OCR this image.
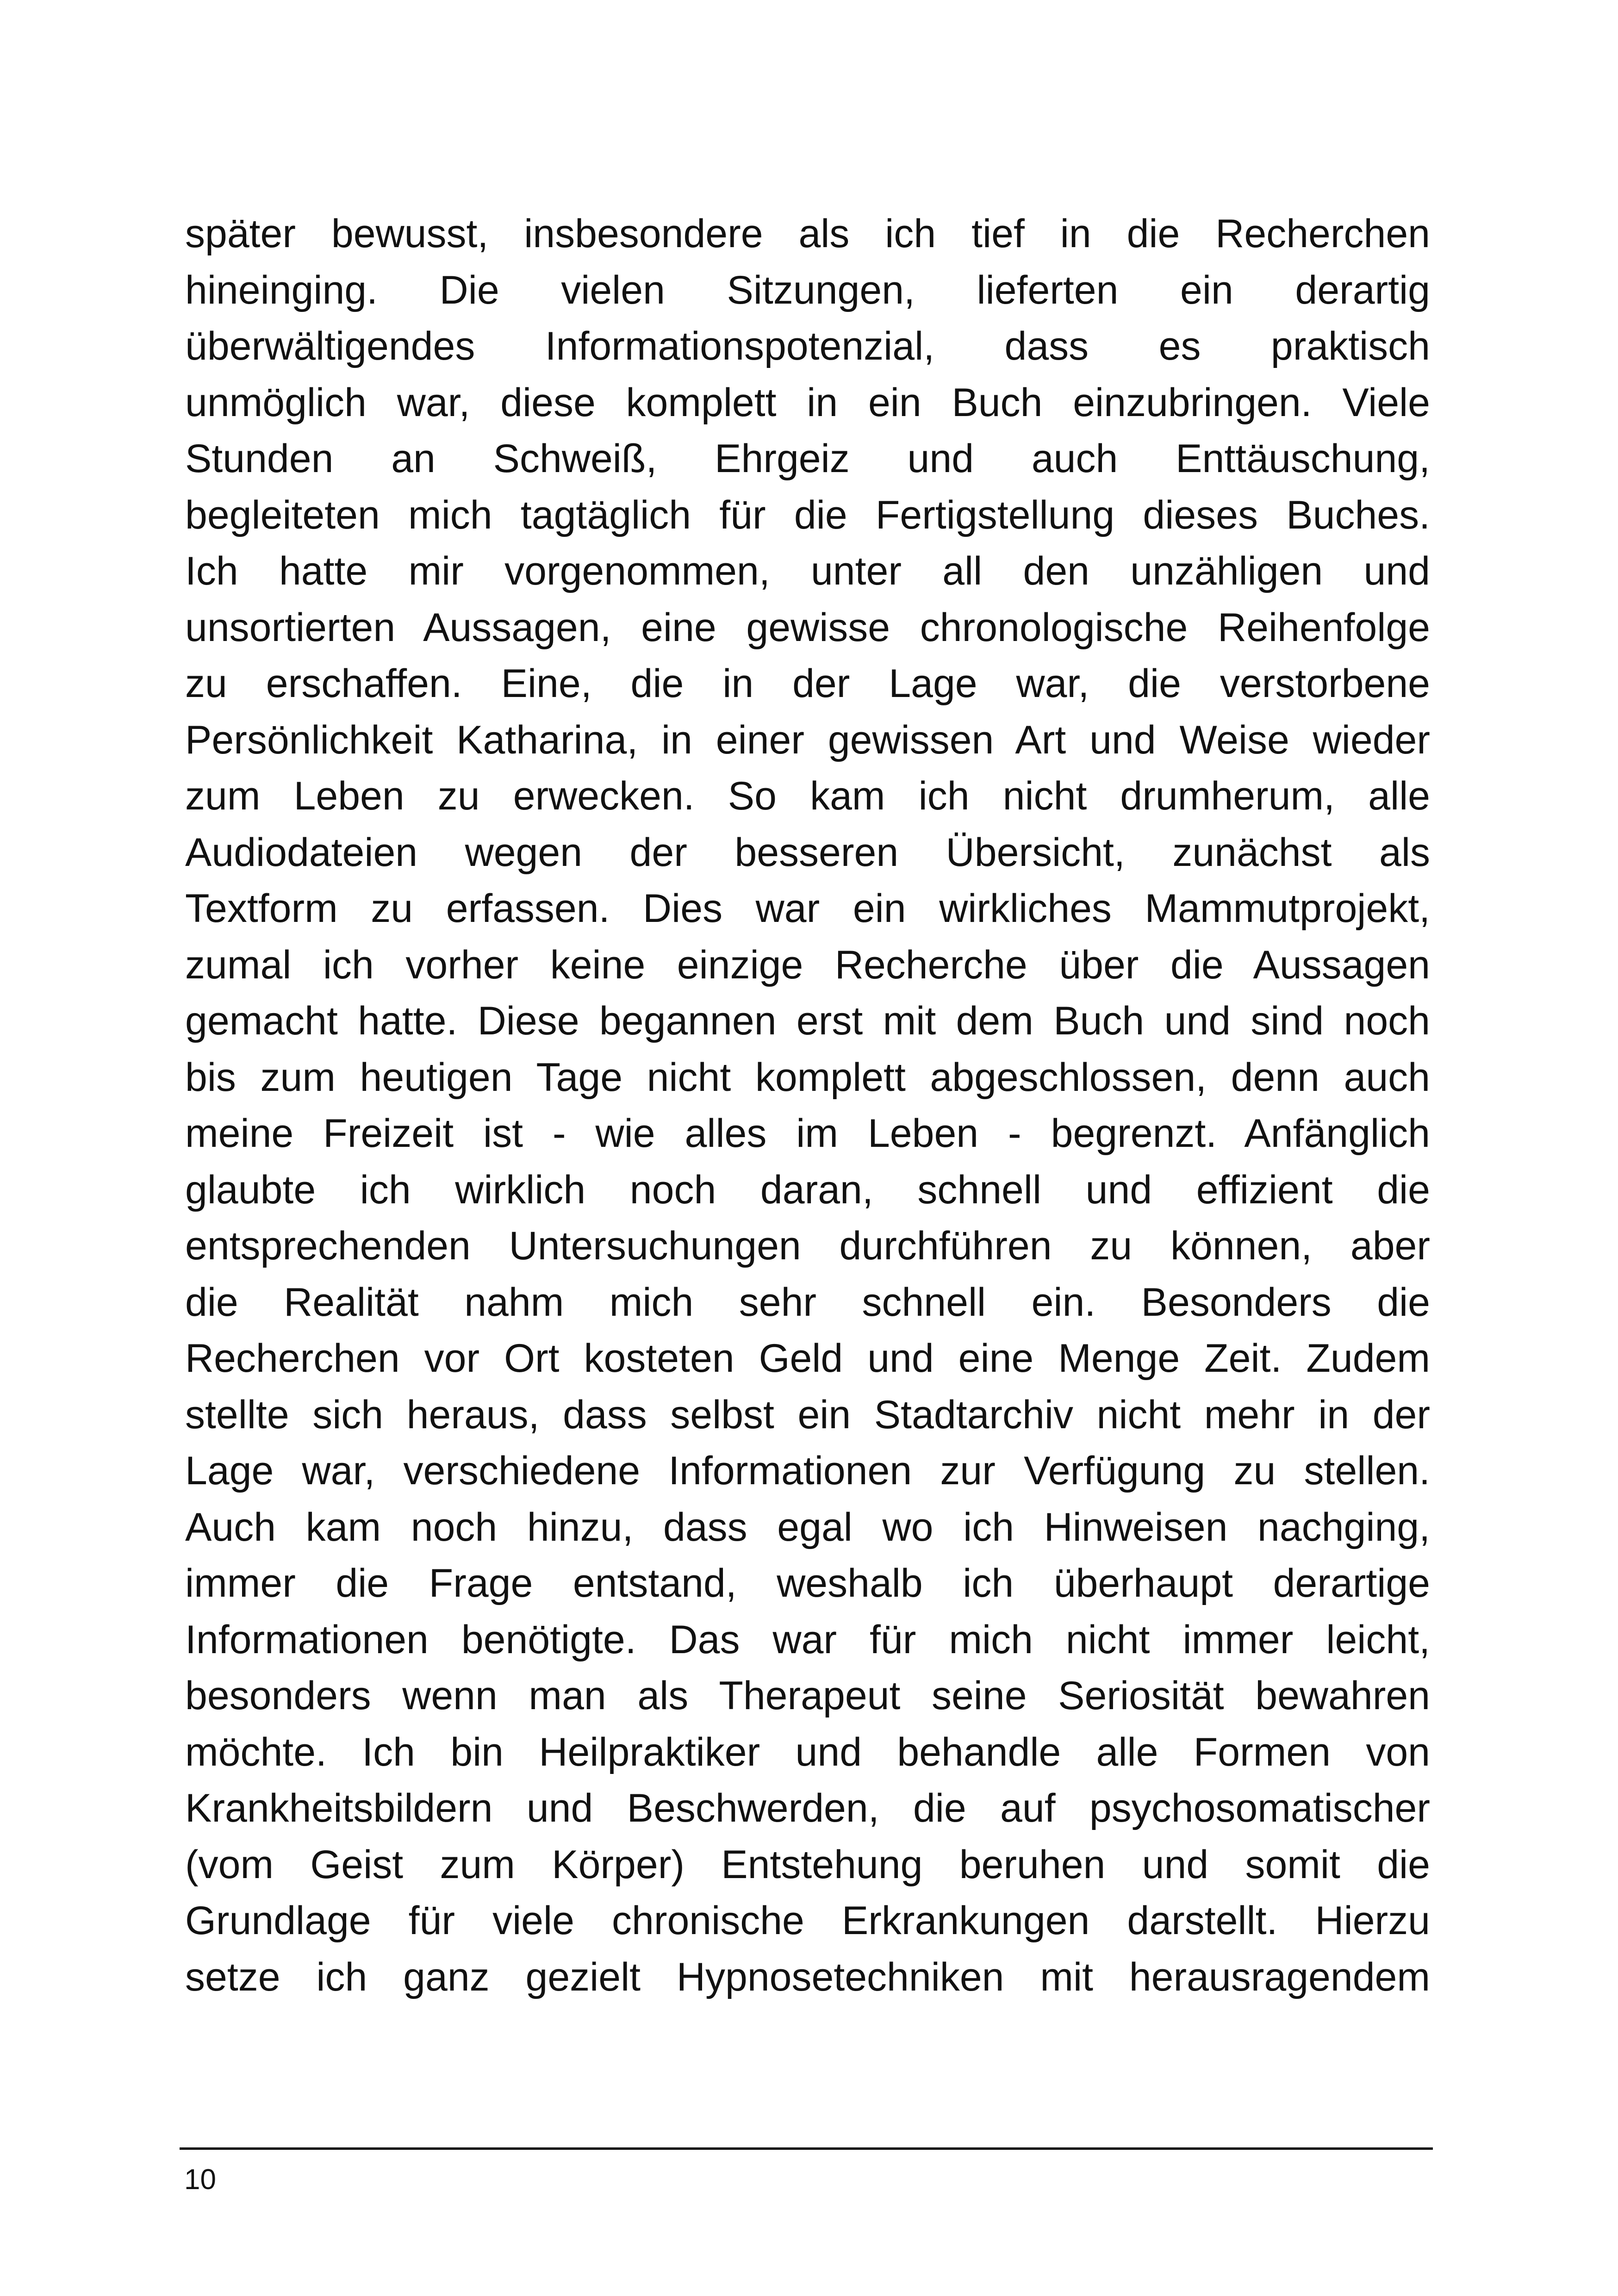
später bewusst, insbesondere als ich tief in die Recherchen
hineinging. Die vielen Sitzungen, lieferten ein derartig
überwältigendes Informationspotenzial, dass es praktisch
unmöglich war, diese komplett in ein Buch einzubringen. Viele
Stunden an Schweiß, Ehrgeiz und auch Enttäuschung,
begleiteten mich tagtäglich für die Fertigstellung dieses Buches.
Ich hatte mir vorgenommen, unter all den unzähligen und
unsortierten Aussagen, eine gewisse chronologische Reihenfolge
zu erschaffen. Eine, die in der Lage war, die verstorbene
Persönlichkeit Katharina, in einer gewissen Art und Weise wieder
zum Leben zu erwecken. So kam ich nicht drumherum, alle
Audiodateien wegen der besseren Übersicht, zunächst als
Textform zu erfassen. Dies war ein wirkliches Mammutprojekt,
zumal ich vorher keine einzige Recherche über die Aussagen
gemacht hatte. Diese begannen erst mit dem Buch und sind noch
bis zum heutigen Tage nicht komplett abgeschlossen, denn auch
meine Freizeit ist - wie alles im Leben - begrenzt. Anfänglich
glaubte ich wirklich noch daran, schnell und effizient die
entsprechenden Untersuchungen durchführen zu können, aber
die Realität nahm mich sehr schnell ein. Besonders die
Recherchen vor Ort kosteten Geld und eine Menge Zeit. Zudem
stellte sich heraus, dass selbst ein Stadtarchiv nicht mehr in der
Lage war, verschiedene Informationen zur Verfügung zu stellen.
Auch kam noch hinzu, dass egal wo ich Hinweisen nachging,
immer die Frage entstand, weshalb ich überhaupt derartige
Informationen benötigte. Das war für mich nicht immer leicht,
besonders wenn man als Therapeut seine Seriosität bewahren
möchte. Ich bin Heilpraktiker und behandle alle Formen von
Krankheitsbildern und Beschwerden, die auf psychosomatischer
(vom Geist zum Körper) Entstehung beruhen und somit die
Grundlage für viele chronische Erkrankungen darstellt. Hierzu
setze ich ganz gezielt Hypnosetechniken mit herausragendem
10
